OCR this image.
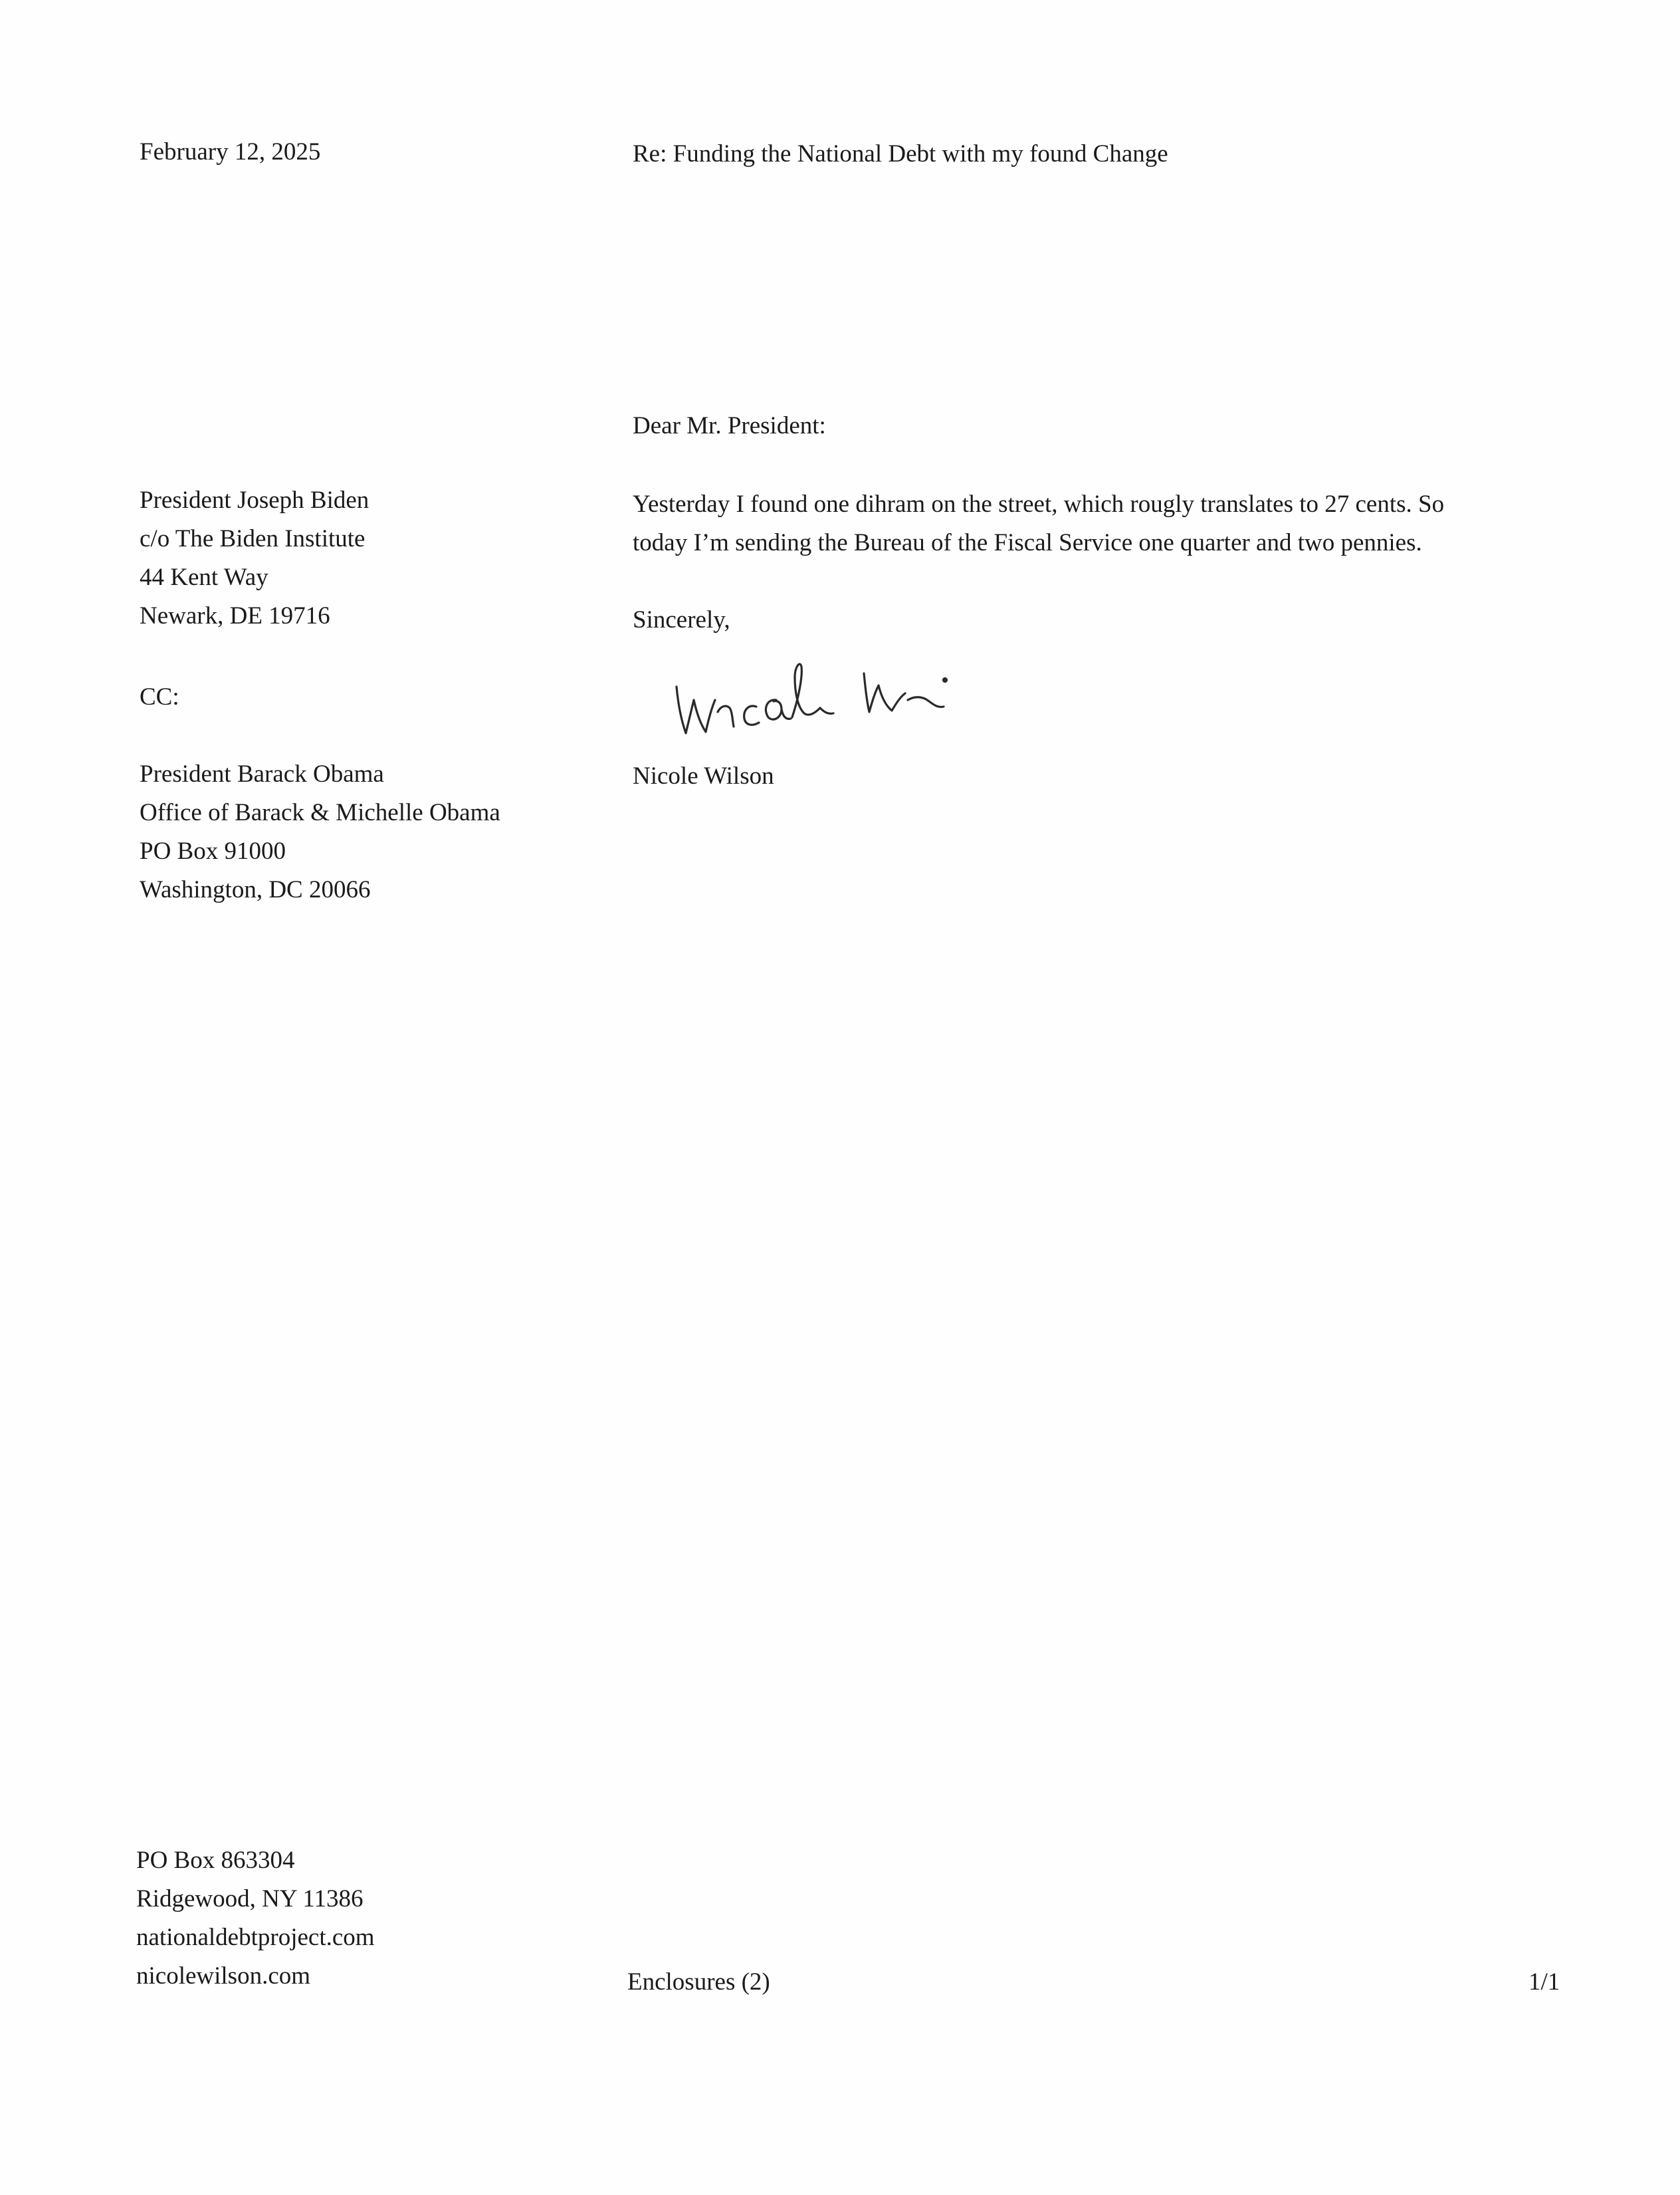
February 12, 2025	Re: Funding the National Debt with my found Change
Dear Mr. President:
President Joseph Biden
c/o The Biden Institute
44 Kent Way
Newark, DE 19716
Yesterday I found one dihram on the street, which rougly translates to 27 cents. So
today I’m sending the Bureau of the Fiscal Service one quarter and two pennies.
Sincerely,
CC:
Nicole Wilson
President Barack Obama
Office of Barack & Michelle Obama
PO Box 91000
Washington, DC 20066
PO Box 863304
Ridgewood, NY 11386
nationaldebtproject.com
nicolewilson.com	Enclosures (2)	1/1
